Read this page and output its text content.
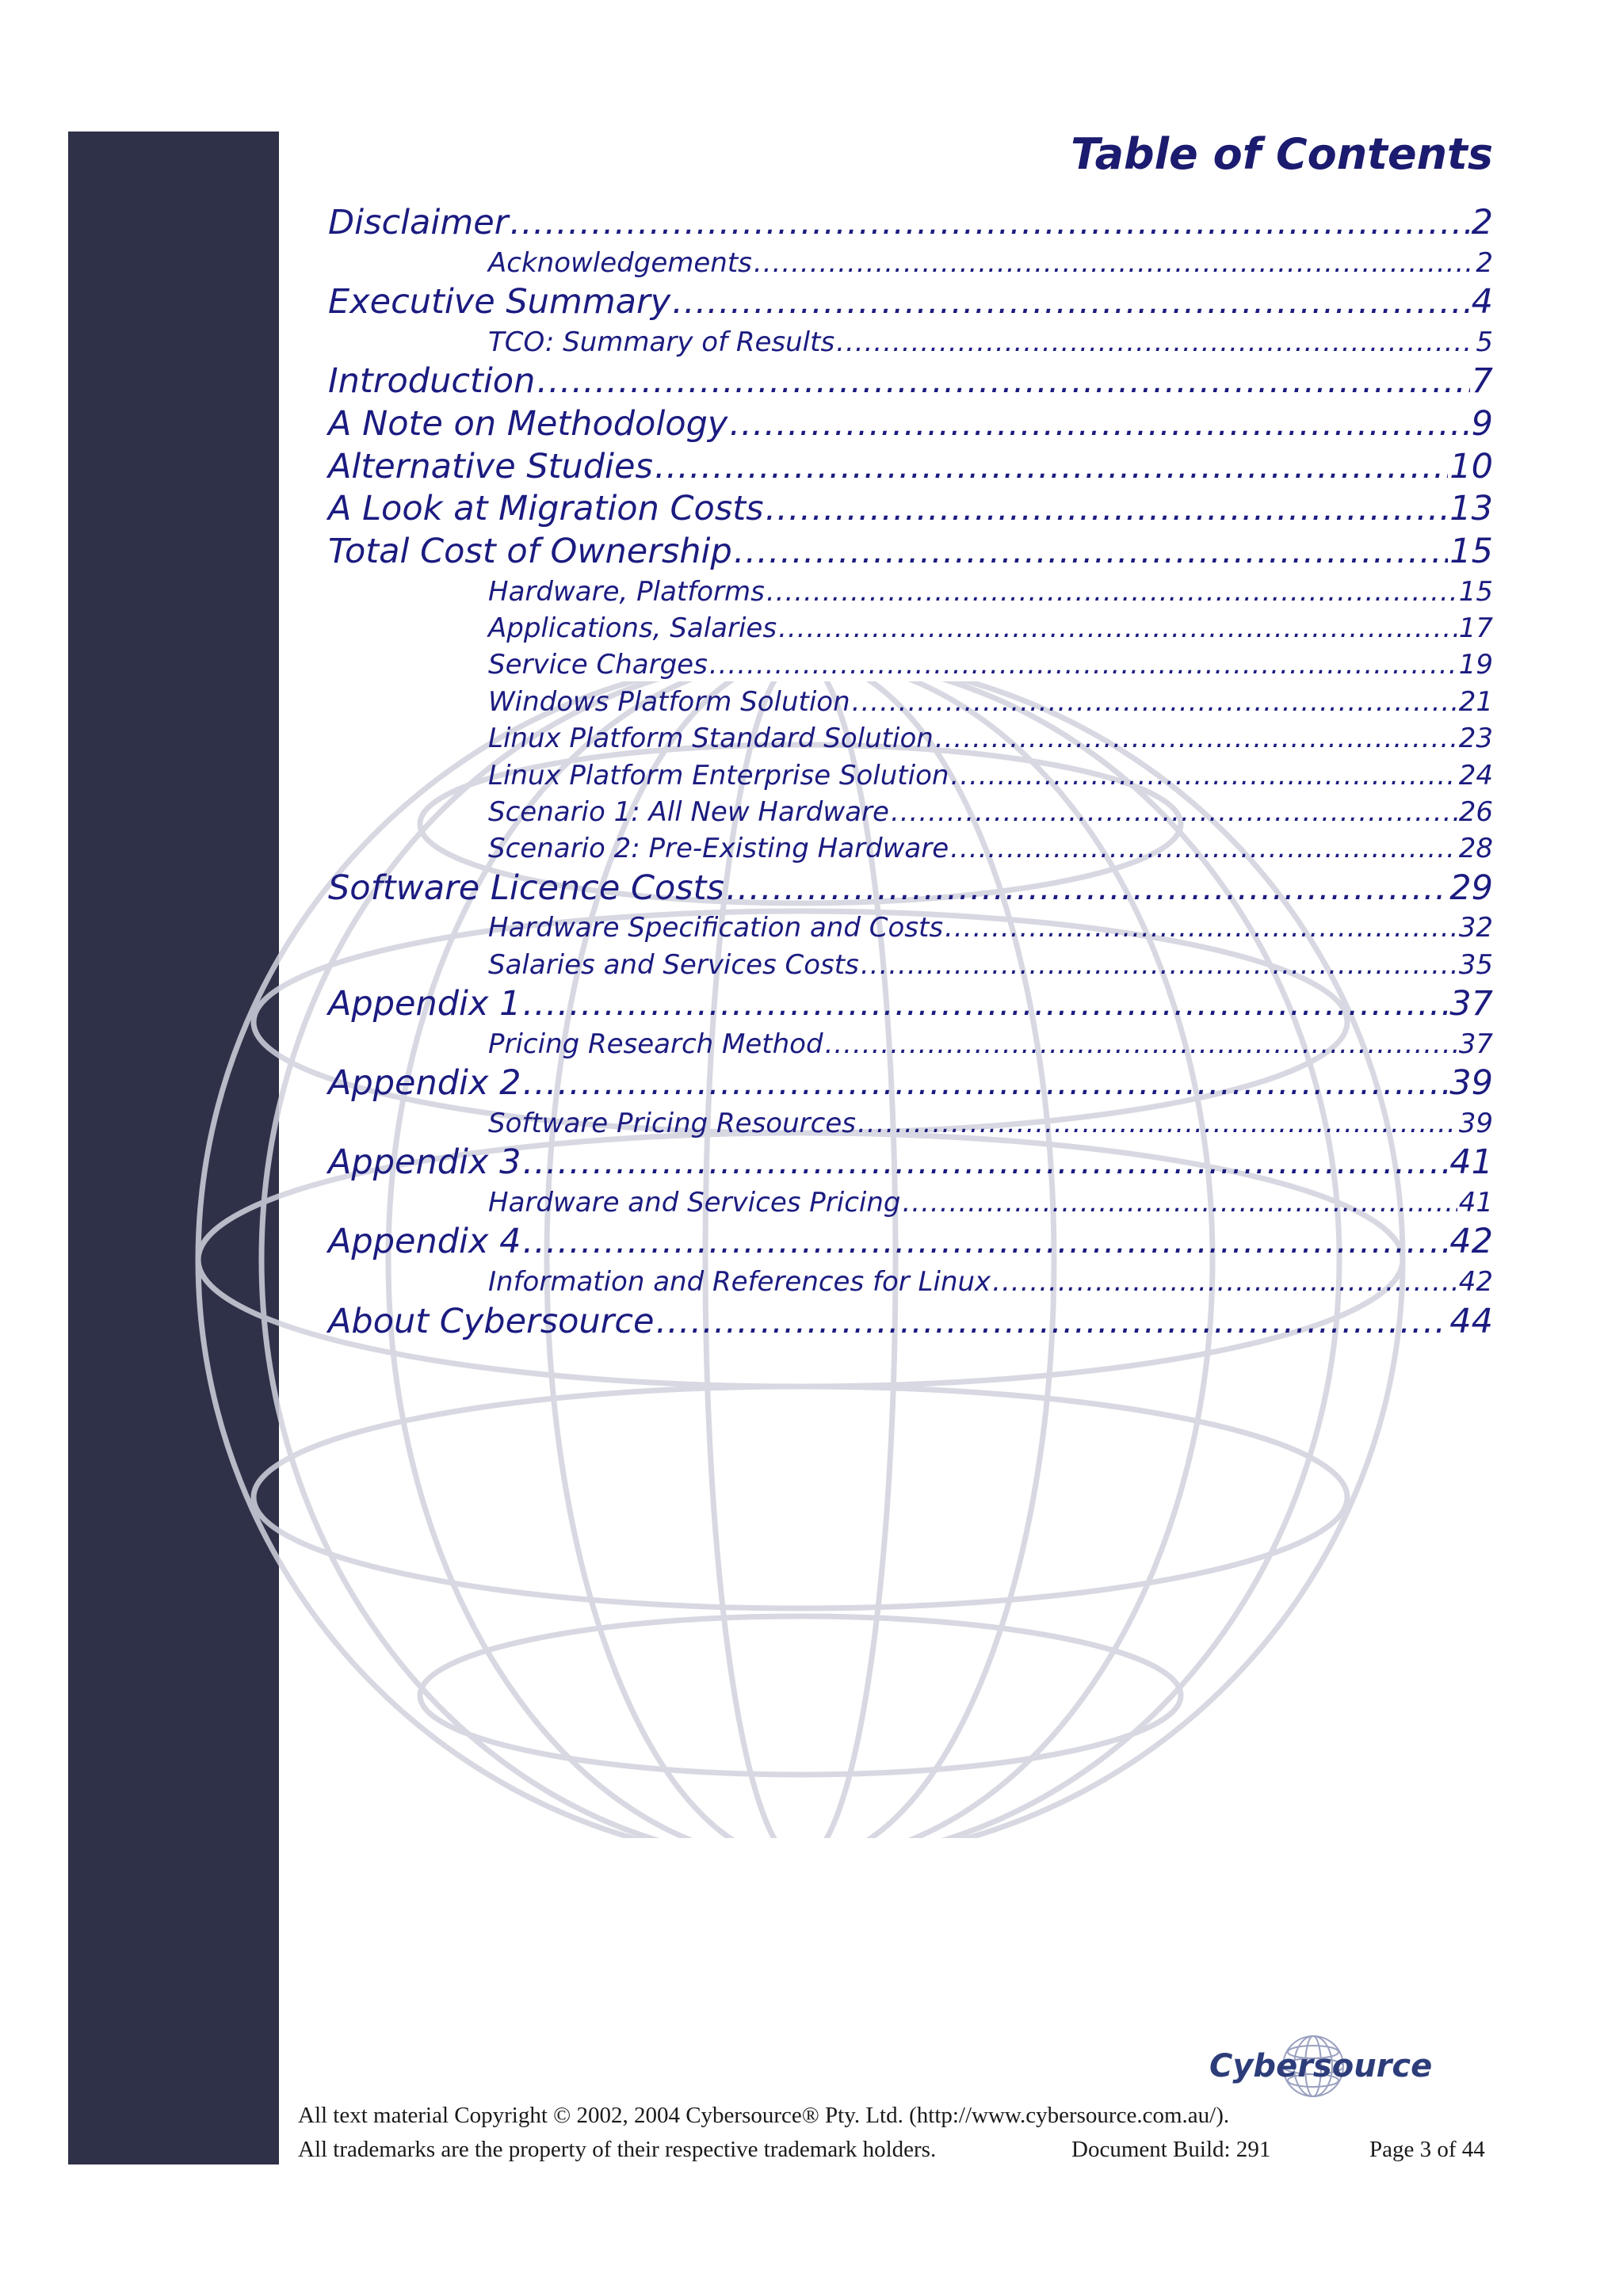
Table of Contents
Disclaimer .....	2
Acknowledgements .....	2
Executive Summary .....	4
TCO: Summary of Results .....	5
Introduction .....	7
A Note on Methodology .....	9
Alternative Studies .....	10
A Look at Migration Costs .....	13
Total Cost of Ownership .....	15
Hardware, Platforms .....	15
Applications, Salaries .....	17
Service Charges .....	19
Windows Platform Solution .....	21
Linux Platform Standard Solution .....	23
Linux Platform Enterprise Solution .....	24
Scenario 1: All New Hardware .....	26
Scenario 2: Pre-Existing Hardware .....	28
Software Licence Costs .....	29
Hardware Specification and Costs .....	32
Salaries and Services Costs .....	35
Appendix 1 .....	37
Pricing Research Method .....	37
Appendix 2 .....	39
Software Pricing Resources .....	39
Appendix 3 .....	41
Hardware and Services Pricing .....	41
Appendix 4 .....	42
Information and References for Linux .....	42
About Cybersource .....	44

Cybersource

All text material Copyright © 2002, 2004 Cybersource® Pty. Ltd. (http://www.cybersource.com.au/).

All trademarks are the property of their respective trademark holders.	Document Build: 291	Page 3 of 44
